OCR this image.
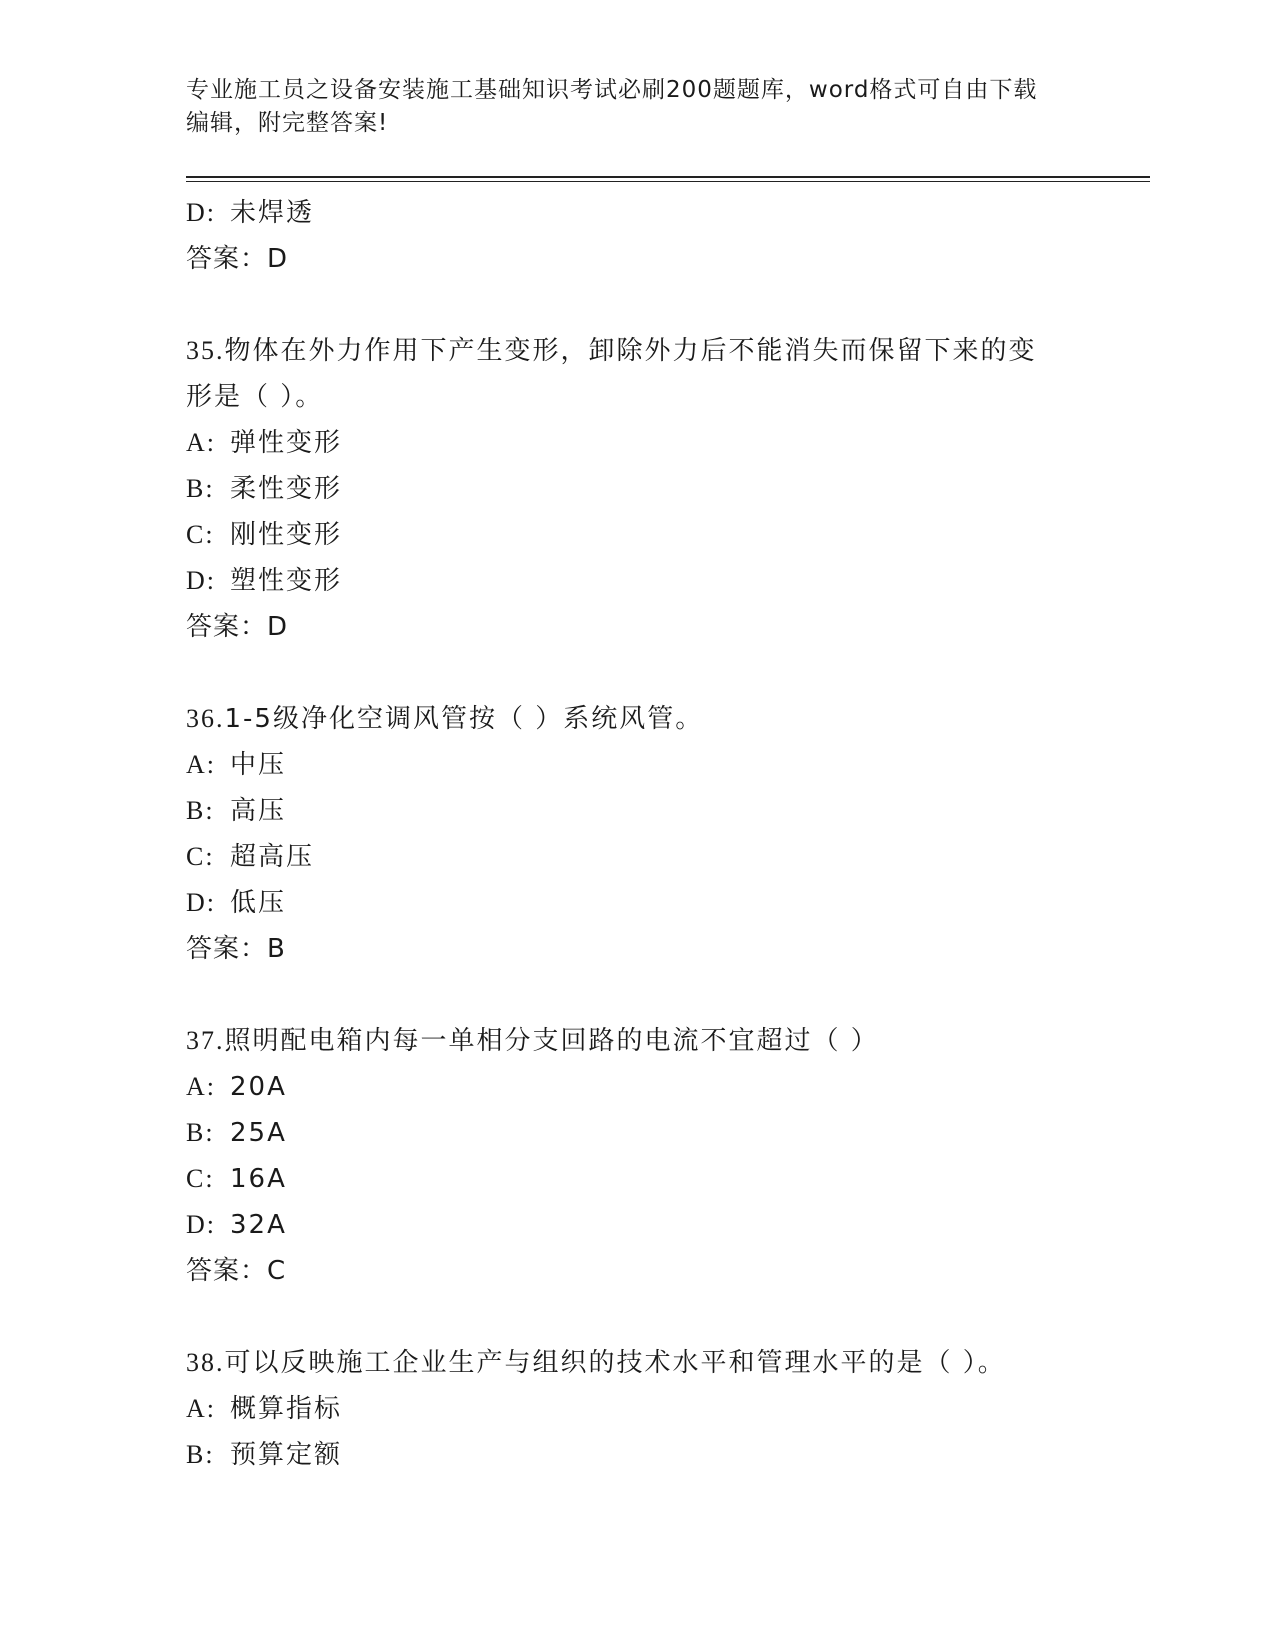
专业施工员之设备安装施工基础知识考试必刷200题题库，word格式可自由下载
编辑，附完整答案!
D: 未焊透
答案：D
35.物体在外力作用下产生变形，卸除外力后不能消失而保留下来的变
形是（ ）。
A: 弹性变形
B: 柔性变形
C: 刚性变形
D: 塑性变形
答案：D
36.1-5级净化空调风管按（ ）系统风管。
A: 中压
B: 高压
C: 超高压
D: 低压
答案：B
37.照明配电箱内每一单相分支回路的电流不宜超过（ ）
A: 20A
B: 25A
C: 16A
D: 32A
答案：C
38.可以反映施工企业生产与组织的技术水平和管理水平的是（ ）。
A: 概算指标
B: 预算定额
